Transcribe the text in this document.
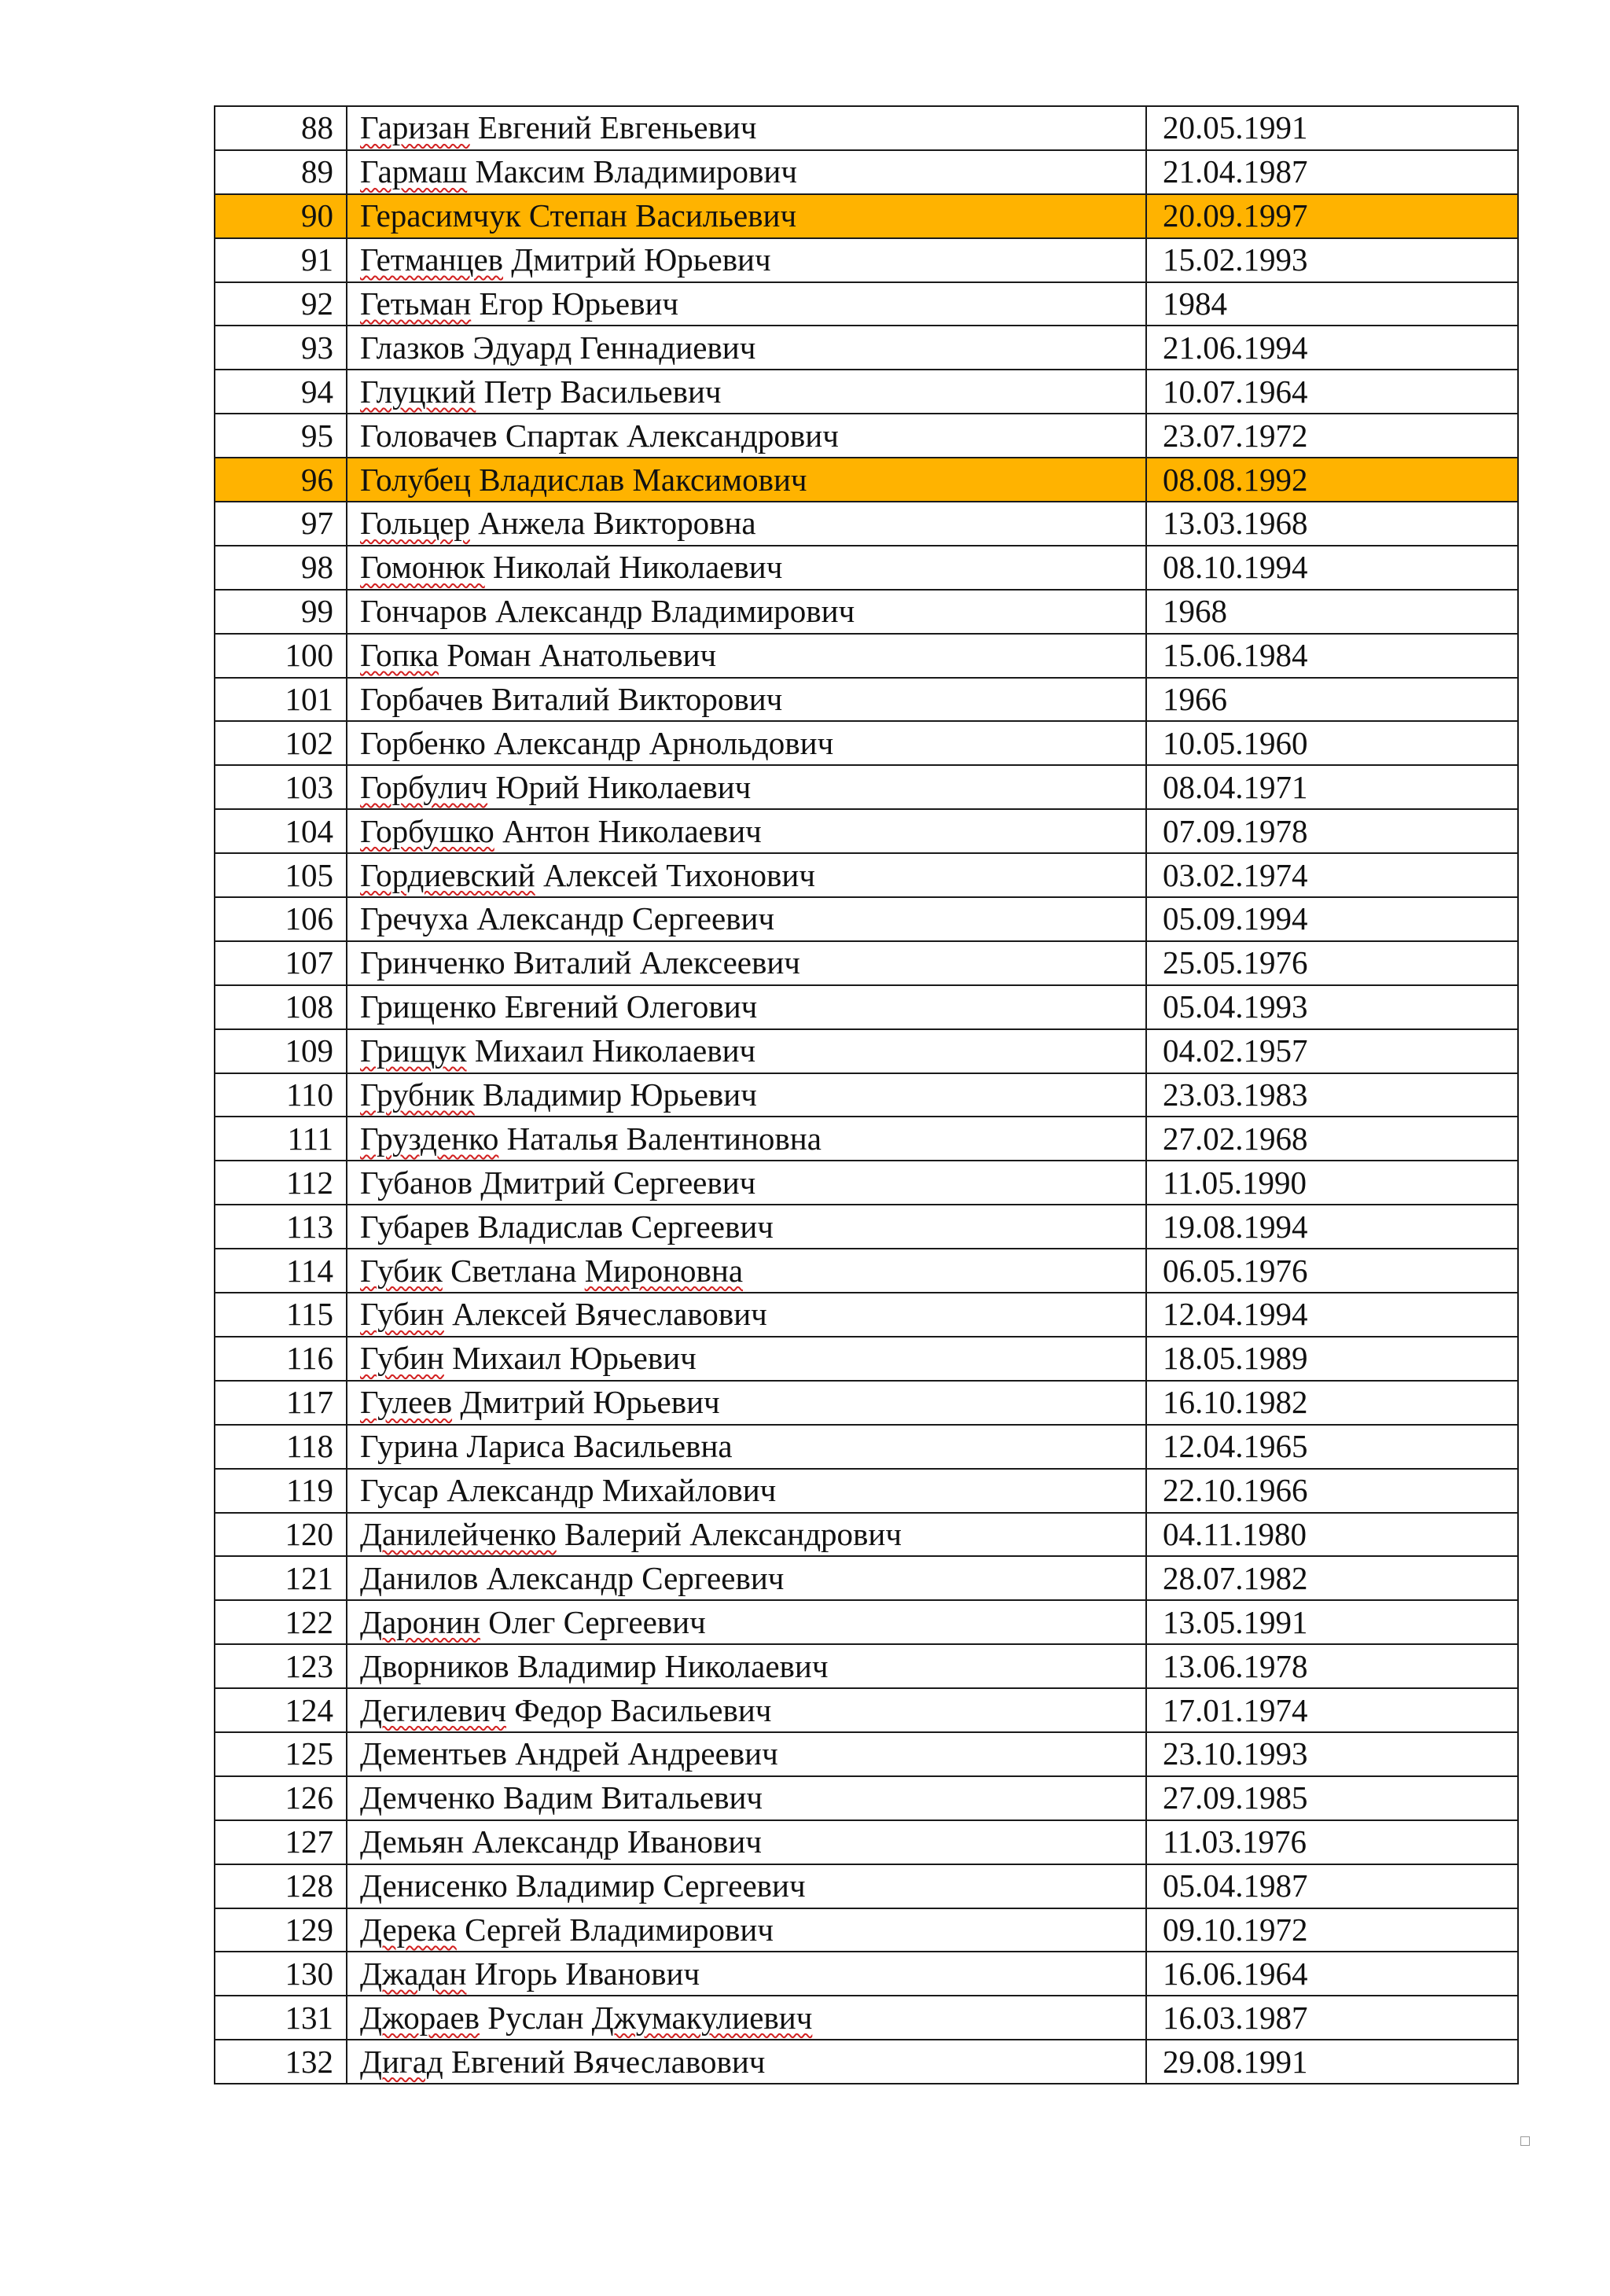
88	Гаризан Евгений Евгеньевич	20.05.1991
89	Гармаш Максим Владимирович	21.04.1987
90	Герасимчук Степан Васильевич	20.09.1997
91	Гетманцев Дмитрий Юрьевич	15.02.1993
92	Гетьман Егор Юрьевич	1984
93	Глазков Эдуард Геннадиевич	21.06.1994
94	Глуцкий Петр Васильевич	10.07.1964
95	Головачев Спартак Александрович	23.07.1972
96	Голубец Владислав Максимович	08.08.1992
97	Гольцер Анжела Викторовна	13.03.1968
98	Гомонюк Николай Николаевич	08.10.1994
99	Гончаров Александр Владимирович	1968
100	Гопка Роман Анатольевич	15.06.1984
101	Горбачев Виталий Викторович	1966
102	Горбенко Александр Арнольдович	10.05.1960
103	Горбулич Юрий Николаевич	08.04.1971
104	Горбушко Антон Николаевич	07.09.1978
105	Гордиевский Алексей Тихонович	03.02.1974
106	Гречуха Александр Сергеевич	05.09.1994
107	Гринченко Виталий Алексеевич	25.05.1976
108	Грищенко Евгений Олегович	05.04.1993
109	Грищук Михаил Николаевич	04.02.1957
110	Грубник Владимир Юрьевич	23.03.1983
111	Грузденко Наталья Валентиновна	27.02.1968
112	Губанов Дмитрий Сергеевич	11.05.1990
113	Губарев Владислав Сергеевич	19.08.1994
114	Губик Светлана Мироновна	06.05.1976
115	Губин Алексей Вячеславович	12.04.1994
116	Губин Михаил Юрьевич	18.05.1989
117	Гулеев Дмитрий Юрьевич	16.10.1982
118	Гурина Лариса Васильевна	12.04.1965
119	Гусар Александр Михайлович	22.10.1966
120	Данилейченко Валерий Александрович	04.11.1980
121	Данилов Александр Сергеевич	28.07.1982
122	Даронин Олег Сергеевич	13.05.1991
123	Дворников Владимир Николаевич	13.06.1978
124	Дегилевич Федор Васильевич	17.01.1974
125	Дементьев Андрей Андреевич	23.10.1993
126	Демченко Вадим Витальевич	27.09.1985
127	Демьян Александр Иванович	11.03.1976
128	Денисенко Владимир Сергеевич	05.04.1987
129	Дерека Сергей Владимирович	09.10.1972
130	Джадан Игорь Иванович	16.06.1964
131	Джораев Руслан Джумакулиевич	16.03.1987
132	Дигад Евгений Вячеславович	29.08.1991
